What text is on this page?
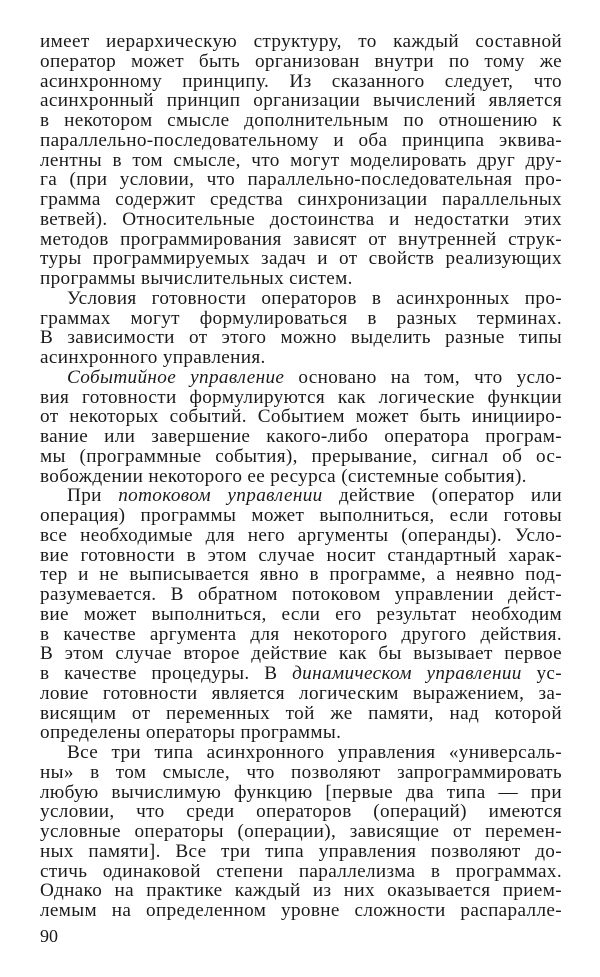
имеет иерархическую структуру, то каждый составной
оператор может быть организован внутри по тому же
асинхронному принципу. Из сказанного следует, что
асинхронный принцип организации вычислений является
в некотором смысле дополнительным по отношению к
параллельно-последовательному и оба принципа эквива-
лентны в том смысле, что могут моделировать друг дру-
га (при условии, что параллельно-последовательная про-
грамма содержит средства синхронизации параллельных
ветвей). Относительные достоинства и недостатки этих
методов программирования зависят от внутренней струк-
туры программируемых задач и от свойств реализующих
программы вычислительных систем.
Условия готовности операторов в асинхронных про-
граммах могут формулироваться в разных терминах.
В зависимости от этого можно выделить разные типы
асинхронного управления.
Событийное управление основано на том, что усло-
вия готовности формулируются как логические функции
от некоторых событий. Событием может быть иницииро-
вание или завершение какого-либо оператора програм-
мы (программные события), прерывание, сигнал об ос-
вобождении некоторого ее ресурса (системные события).
При потоковом управлении действие (оператор или
операция) программы может выполниться, если готовы
все необходимые для него аргументы (операнды). Усло-
вие готовности в этом случае носит стандартный харак-
тер и не выписывается явно в программе, а неявно под-
разумевается. В обратном потоковом управлении дейст-
вие может выполниться, если его результат необходим
в качестве аргумента для некоторого другого действия.
В этом случае второе действие как бы вызывает первое
в качестве процедуры. В динамическом управлении ус-
ловие готовности является логическим выражением, за-
висящим от переменных той же памяти, над которой
определены операторы программы.
Все три типа асинхронного управления «универсаль-
ны» в том смысле, что позволяют запрограммировать
любую вычислимую функцию [первые два типа — при
условии, что среди операторов (операций) имеются
условные операторы (операции), зависящие от перемен-
ных памяти]. Все три типа управления позволяют до-
стичь одинаковой степени параллелизма в программах.
Однако на практике каждый из них оказывается прием-
лемым на определенном уровне сложности распаралле-
90
